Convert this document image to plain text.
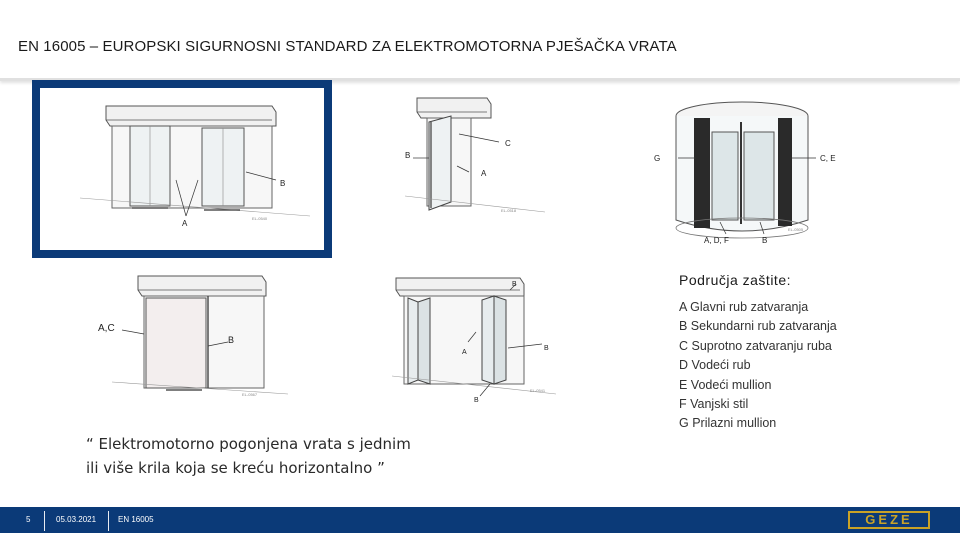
EN 16005 – EUROPSKI SIGURNOSNI STANDARD ZA ELEKTROMOTORNA PJEŠAČKA VRATA
A
B
EL-0540
C
B
A
EL-0518
G	C, E
A, D, F	B
EL-0505
A,C
B
EL-0567
B
B
A
B
EL-0541
Područja zaštite:
A Glavni rub zatvaranja
B Sekundarni rub zatvaranja
C Suprotno zatvaranju ruba
D Vodeći rub
E Vodeći mullion
F Vanjski stil
G Prilazni mullion
“ Elektromotorno pogonjena vrata s jednim
ili više krila koja se kreću horizontalno ”
5	05.03.2021	EN 16005	GEZE
